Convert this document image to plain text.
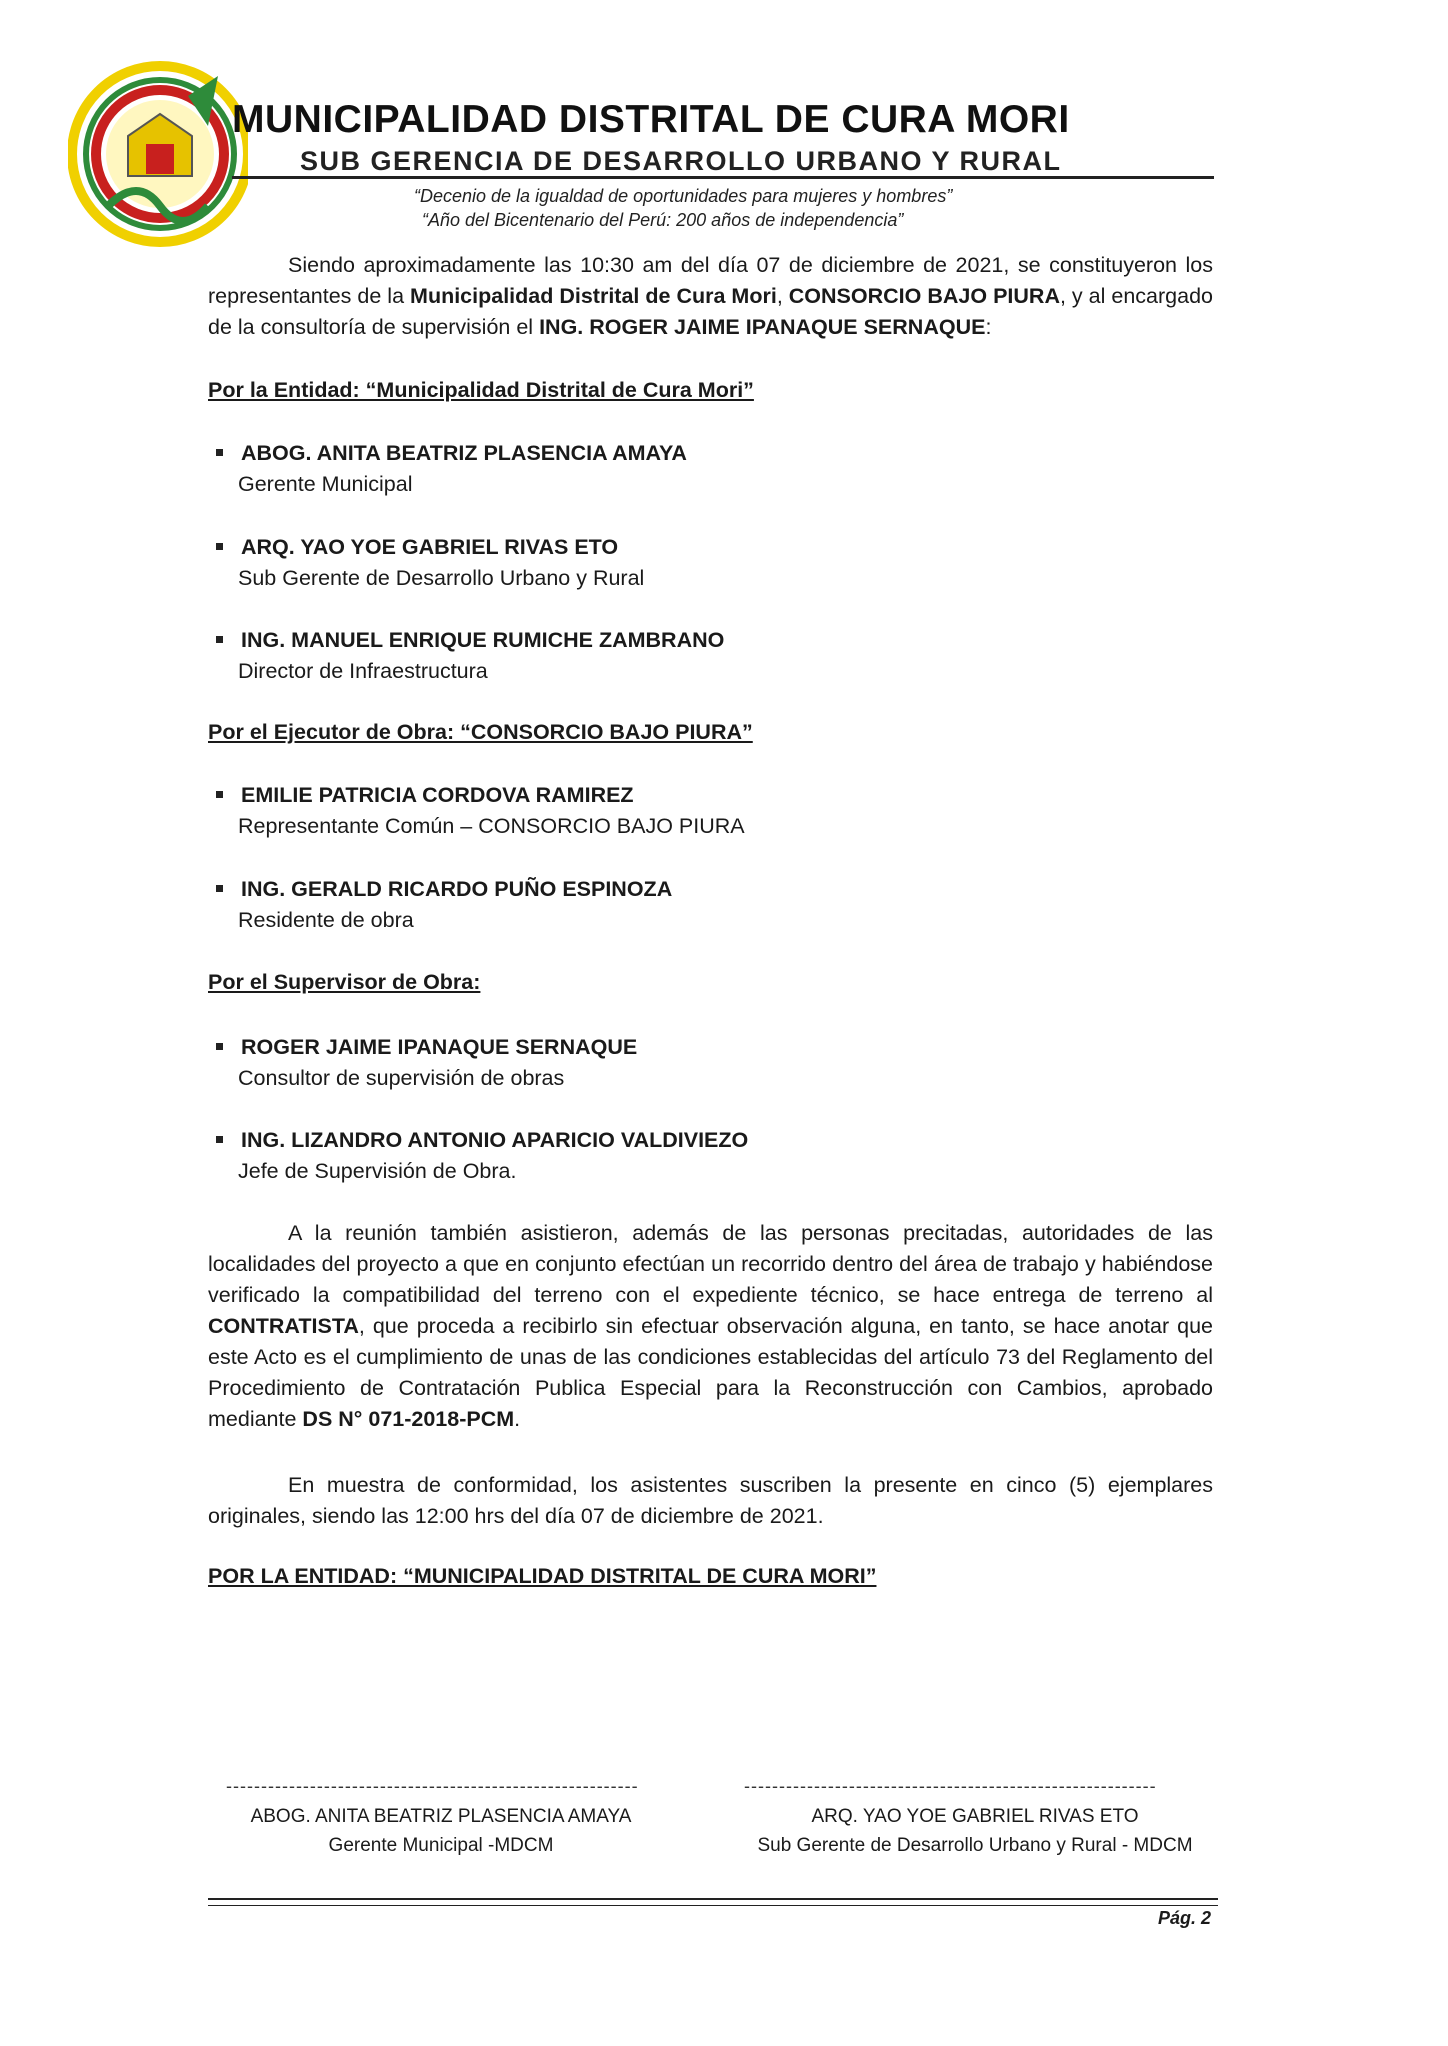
MUNICIPALIDAD DISTRITAL DE CURA MORI
SUB GERENCIA DE DESARROLLO URBANO Y RURAL
“Decenio de la igualdad de oportunidades para mujeres y hombres”
“Año del Bicentenario del Perú: 200 años de independencia”
Siendo aproximadamente las 10:30 am del día 07 de diciembre de 2021, se constituyeron los representantes de la Municipalidad Distrital de Cura Mori, CONSORCIO BAJO PIURA, y al encargado de la consultoría de supervisión el ING. ROGER JAIME IPANAQUE SERNAQUE:
Por la Entidad: “Municipalidad Distrital de Cura Mori”
ABOG. ANITA BEATRIZ PLASENCIA AMAYA
Gerente Municipal
ARQ. YAO YOE GABRIEL RIVAS ETO
Sub Gerente de Desarrollo Urbano y Rural
ING. MANUEL ENRIQUE RUMICHE ZAMBRANO
Director de Infraestructura
Por el Ejecutor de Obra: “CONSORCIO BAJO PIURA”
EMILIE PATRICIA CORDOVA RAMIREZ
Representante Común – CONSORCIO BAJO PIURA
ING. GERALD RICARDO PUÑO ESPINOZA
Residente de obra
Por el Supervisor de Obra:
ROGER JAIME IPANAQUE SERNAQUE
Consultor de supervisión de obras
ING. LIZANDRO ANTONIO APARICIO VALDIVIEZO
Jefe de Supervisión de Obra.
A la reunión también asistieron, además de las personas precitadas, autoridades de las localidades del proyecto a que en conjunto efectúan un recorrido dentro del área de trabajo y habiéndose verificado la compatibilidad del terreno con el expediente técnico, se hace entrega de terreno al CONTRATISTA, que proceda a recibirlo sin efectuar observación alguna, en tanto, se hace anotar que este Acto es el cumplimiento de unas de las condiciones establecidas del artículo 73 del Reglamento del Procedimiento de Contratación Publica Especial para la Reconstrucción con Cambios, aprobado mediante DS N° 071-2018-PCM.
En muestra de conformidad, los asistentes suscriben la presente en cinco (5) ejemplares originales, siendo las 12:00 hrs del día 07 de diciembre de 2021.
POR LA ENTIDAD: “MUNICIPALIDAD DISTRITAL DE CURA MORI”
-----------------------------------------------------------
ABOG. ANITA BEATRIZ PLASENCIA AMAYA
Gerente Municipal -MDCM
-----------------------------------------------------------
ARQ. YAO YOE GABRIEL RIVAS ETO
Sub Gerente de Desarrollo Urbano y Rural - MDCM
Pág. 2
